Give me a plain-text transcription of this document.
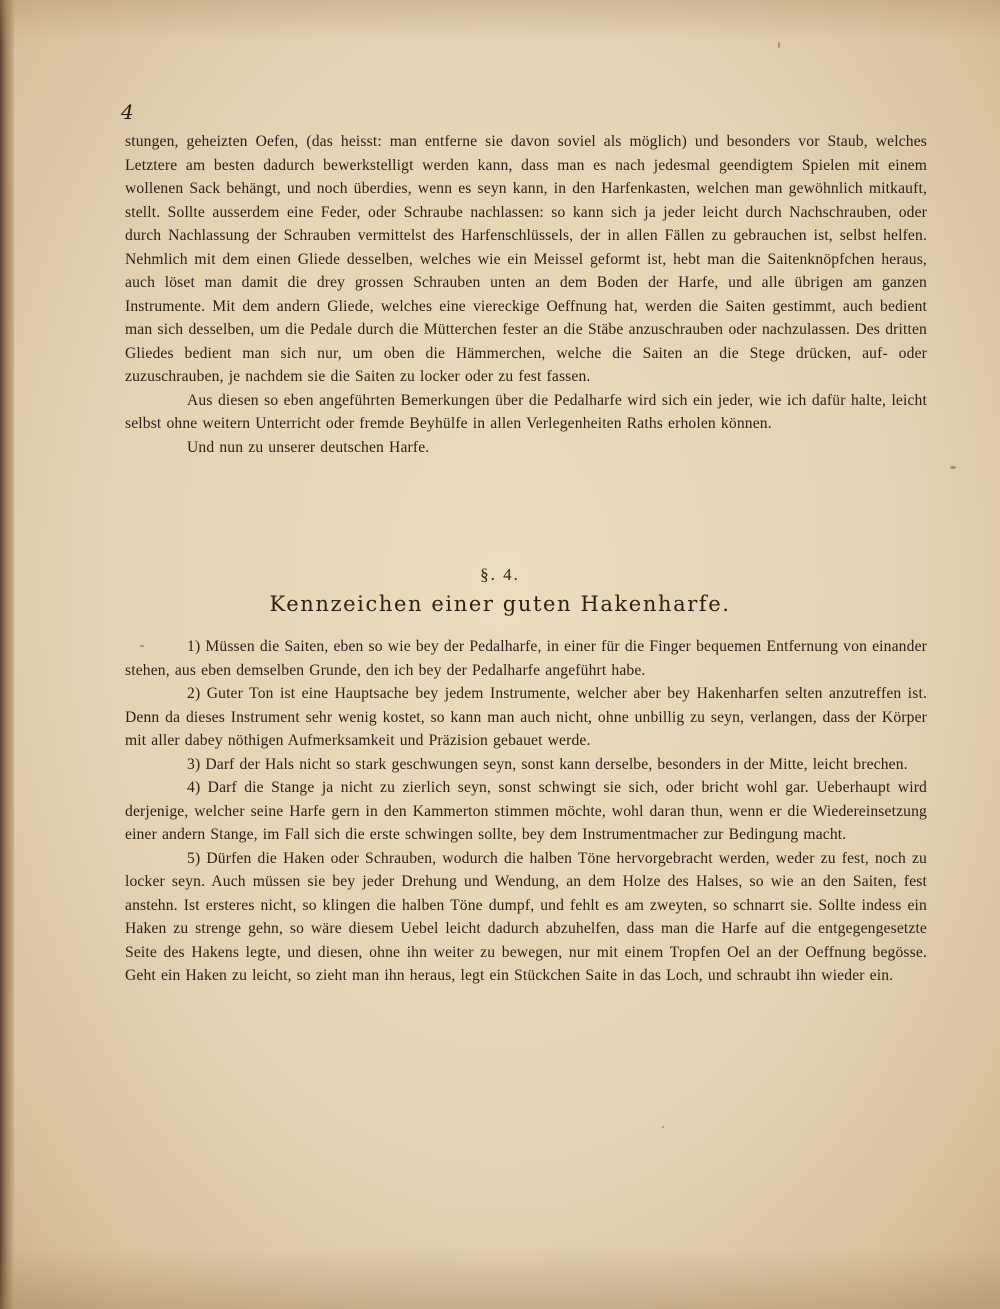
4

stungen, geheizten Oefen, (das heisst: man entferne sie davon soviel als möglich) und besonders vor Staub, welches Letztere am besten dadurch bewerkstelligt werden kann, dass man es nach jedesmal geendigtem Spielen mit einem wollenen Sack behängt, und noch überdies, wenn es seyn kann, in den Harfenkasten, welchen man gewöhnlich mitkauft, stellt. Sollte ausserdem eine Feder, oder Schraube nachlassen: so kann sich ja jeder leicht durch Nachschrauben, oder durch Nachlassung der Schrauben vermittelst des Harfenschlüssels, der in allen Fällen zu gebrauchen ist, selbst helfen. Nehmlich mit dem einen Gliede desselben, welches wie ein Meissel geformt ist, hebt man die Saitenknöpfchen heraus, auch löset man damit die drey grossen Schrauben unten an dem Boden der Harfe, und alle übrigen am ganzen Instrumente. Mit dem andern Gliede, welches eine viereckige Oeffnung hat, werden die Saiten gestimmt, auch bedient man sich desselben, um die Pedale durch die Mütterchen fester an die Stäbe anzuschrauben oder nachzulassen. Des dritten Gliedes bedient man sich nur, um oben die Hämmerchen, welche die Saiten an die Stege drücken, auf- oder zuzuschrauben, je nachdem sie die Saiten zu locker oder zu fest fassen.

Aus diesen so eben angeführten Bemerkungen über die Pedalharfe wird sich ein jeder, wie ich dafür halte, leicht selbst ohne weitern Unterricht oder fremde Beyhülfe in allen Verlegenheiten Raths erholen können.

Und nun zu unserer deutschen Harfe.

§. 4.
Kennzeichen einer guten Hakenharfe.

1) Müssen die Saiten, eben so wie bey der Pedalharfe, in einer für die Finger bequemen Entfernung von einander stehen, aus eben demselben Grunde, den ich bey der Pedalharfe angeführt habe.

2) Guter Ton ist eine Hauptsache bey jedem Instrumente, welcher aber bey Hakenharfen selten anzutreffen ist. Denn da dieses Instrument sehr wenig kostet, so kann man auch nicht, ohne unbillig zu seyn, verlangen, dass der Körper mit aller dabey nöthigen Aufmerksamkeit und Präzision gebauet werde.

3) Darf der Hals nicht so stark geschwungen seyn, sonst kann derselbe, besonders in der Mitte, leicht brechen.

4) Darf die Stange ja nicht zu zierlich seyn, sonst schwingt sie sich, oder bricht wohl gar. Ueberhaupt wird derjenige, welcher seine Harfe gern in den Kammerton stimmen möchte, wohl daran thun, wenn er die Wiedereinsetzung einer andern Stange, im Fall sich die erste schwingen sollte, bey dem Instrumentmacher zur Bedingung macht.

5) Dürfen die Haken oder Schrauben, wodurch die halben Töne hervorgebracht werden, weder zu fest, noch zu locker seyn. Auch müssen sie bey jeder Drehung und Wendung, an dem Holze des Halses, so wie an den Saiten, fest anstehn. Ist ersteres nicht, so klingen die halben Töne dumpf, und fehlt es am zweyten, so schnarrt sie. Sollte indess ein Haken zu strenge gehn, so wäre diesem Uebel leicht dadurch abzuhelfen, dass man die Harfe auf die entgegengesetzte Seite des Hakens legte, und diesen, ohne ihn weiter zu bewegen, nur mit einem Tropfen Oel an der Oeffnung begösse. Geht ein Haken zu leicht, so zieht man ihn heraus, legt ein Stückchen Saite in das Loch, und schraubt ihn wieder ein.
